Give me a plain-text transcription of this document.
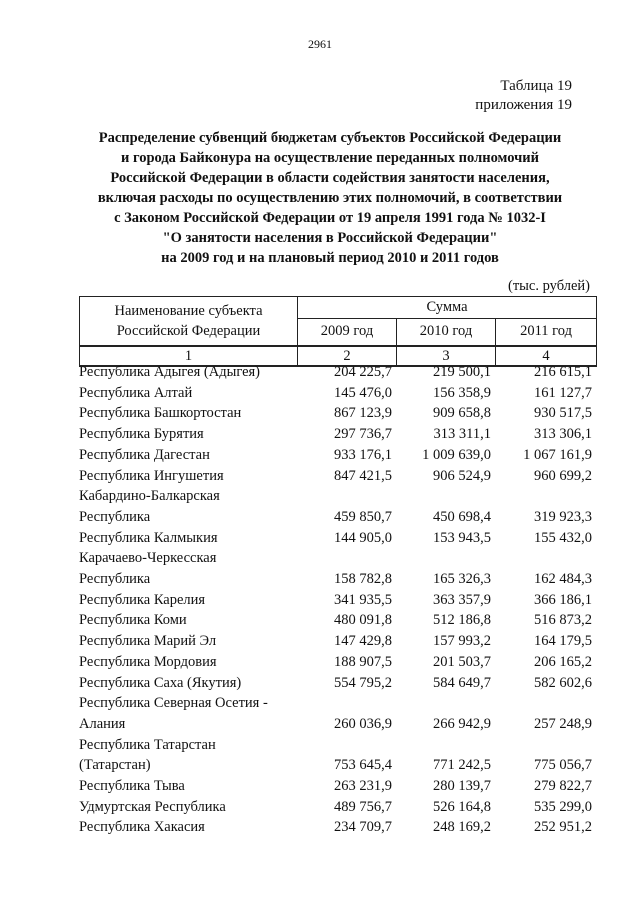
2961
Таблица 19
приложения 19
Распределение субвенций бюджетам субъектов Российской Федерации
и города Байконура на осуществление переданных полномочий
Российской Федерации в области содействия занятости населения,
включая расходы по осуществлению этих полномочий, в соответствии
с Законом Российской Федерации от 19 апреля 1991 года № 1032-I
"О занятости населения в Российской Федерации"
на 2009 год и на плановый период 2010 и 2011 годов
(тыс. рублей)
Наименование субъекта
Российской Федерации	Сумма		
	2009 год	2010 год	2011 год
1	2	3	4
Республика Адыгея (Адыгея)	204 225,7	219 500,1	216 615,1

Республика Алтай	145 476,0	156 358,9	161 127,7

Республика Башкортостан	867 123,9	909 658,8	930 517,5

Республика Бурятия	297 736,7	313 311,1	313 306,1

Республика Дагестан	933 176,1	1 009 639,0	1 067 161,9

Республика Ингушетия	847 421,5	906 524,9	960 699,2

Кабардино-Балкарская
Республика	459 850,7	450 698,4	319 923,3

Республика Калмыкия	144 905,0	153 943,5	155 432,0

Карачаево-Черкесская
Республика	158 782,8	165 326,3	162 484,3

Республика Карелия	341 935,5	363 357,9	366 186,1

Республика Коми	480 091,8	512 186,8	516 873,2

Республика Марий Эл	147 429,8	157 993,2	164 179,5

Республика Мордовия	188 907,5	201 503,7	206 165,2

Республика Саха (Якутия)	554 795,2	584 649,7	582 602,6

Республика Северная Осетия -
Алания	260 036,9	266 942,9	257 248,9

Республика Татарстан
(Татарстан)	753 645,4	771 242,5	775 056,7

Республика Тыва	263 231,9	280 139,7	279 822,7

Удмуртская Республика	489 756,7	526 164,8	535 299,0

Республика Хакасия	234 709,7	248 169,2	252 951,2
